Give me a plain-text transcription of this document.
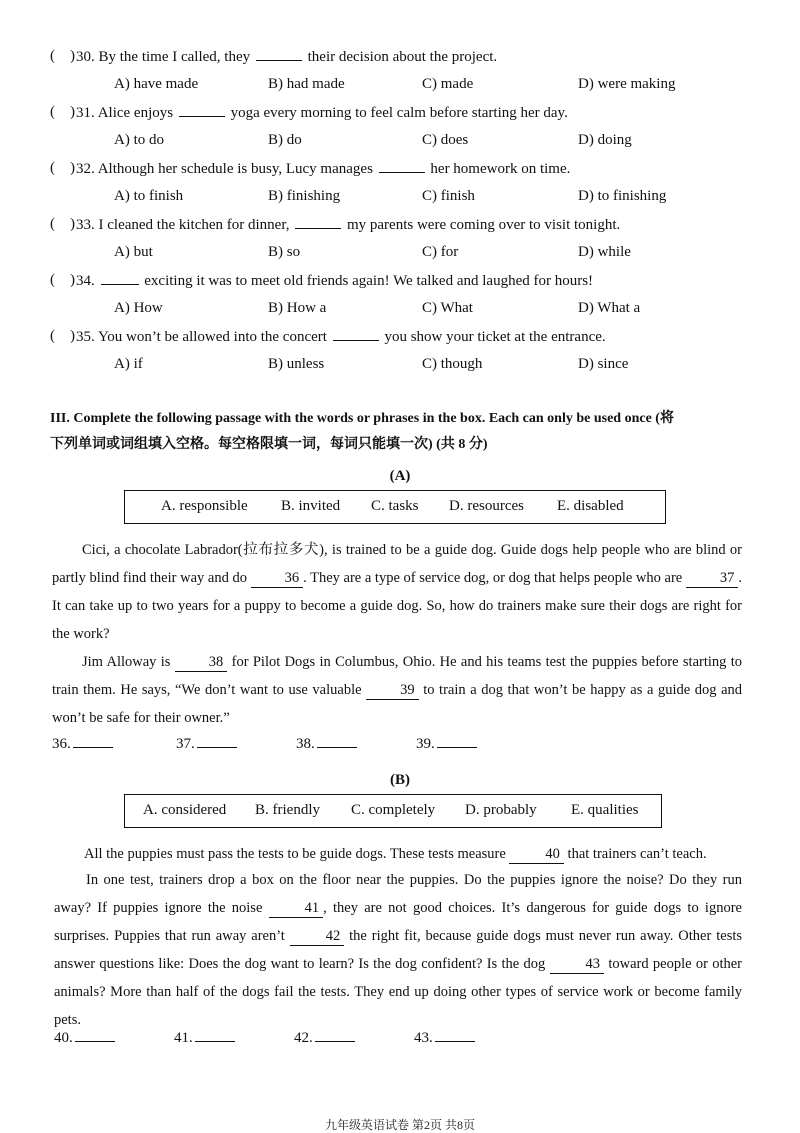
(    ) 30. By the time I called, they	their decision about the project.
A) have made	B) had made	C) made	D) were making
(    ) 31. Alice enjoys	yoga every morning to feel calm before starting her day.
A) to do	B) do	C) does	D) doing
(    ) 32. Although her schedule is busy, Lucy manages	her homework on time.
A) to finish	B) finishing	C) finish	D) to finishing
(    ) 33. I cleaned the kitchen for dinner,	my parents were coming over to visit tonight.
A) but	B) so	C) for	D) while
(    ) 34.	exciting it was to meet old friends again! We talked and laughed for hours!
A) How	B) How a	C) What	D) What a
(    ) 35. You won’t be allowed into the concert	you show your ticket at the entrance.
A) if	B) unless	C) though	D) since
III. Complete the following passage with the words or phrases in the box. Each can only be used once (将
下列单词或词组填入空格。每空格限填一词，每词只能填一次) (共 8 分)
(A)
A. responsible B. invited C. tasks D. resources E. disabled
Cici, a chocolate Labrador(拉布拉多犬), is trained to be a guide dog. Guide dogs help people who are blind or partly blind find their way and do	36 . They are a type of service dog, or dog that helps people who are	37 . It can take up to two years for a puppy to become a guide dog. So, how do trainers make sure their dogs are right for the work?
Jim Alloway is	38 for Pilot Dogs in Columbus, Ohio. He and his teams test the puppies before starting to train them. He says, “We don’t want to use valuable	39 to train a dog that won’t be happy as a guide dog and won’t be safe for their owner.”
36.	37.	38.	39.
(B)
A. considered B. friendly C. completely D. probably E. qualities
All the puppies must pass the tests to be guide dogs. These tests measure	40 that trainers can’t teach.
In one test, trainers drop a box on the floor near the puppies. Do the puppies ignore the noise? Do they run away? If puppies ignore the noise	41 , they are not good choices. It’s dangerous for guide dogs to ignore surprises. Puppies that run away aren’t	42 the right fit, because guide dogs must never run away. Other tests answer questions like: Does the dog want to learn? Is the dog confident? Is the dog	43 toward people or other animals? More than half of the dogs fail the tests. They end up doing other types of service work or become family pets.
40.	41.	42.	43.
九年级英语试卷 第2页 共8页
